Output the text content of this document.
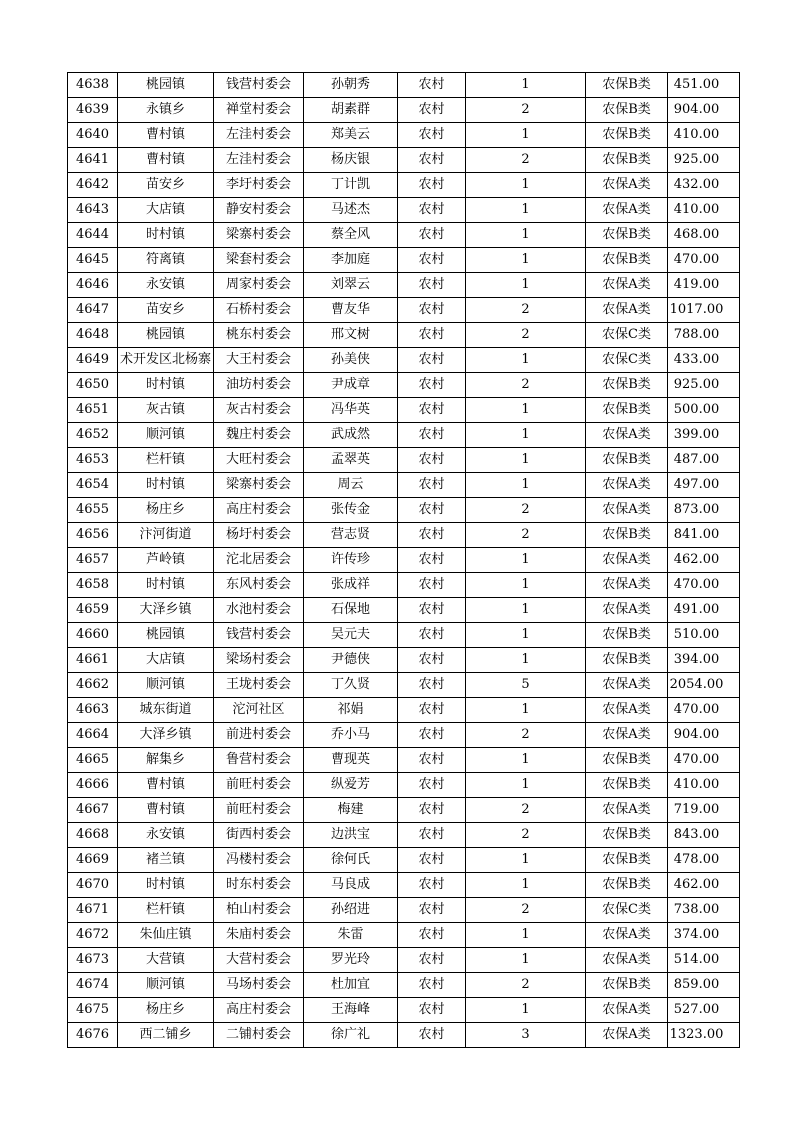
4638	桃园镇	钱营村委会	孙朝秀	农村	1	农保B类	451.00
4639	永镇乡	禅堂村委会	胡素群	农村	2	农保B类	904.00
4640	曹村镇	左洼村委会	郑美云	农村	1	农保B类	410.00
4641	曹村镇	左洼村委会	杨庆银	农村	2	农保B类	925.00
4642	苗安乡	李圩村委会	丁计凯	农村	1	农保A类	432.00
4643	大店镇	静安村委会	马述杰	农村	1	农保A类	410.00
4644	时村镇	梁寨村委会	蔡全风	农村	1	农保B类	468.00
4645	符离镇	梁套村委会	李加庭	农村	1	农保B类	470.00
4646	永安镇	周家村委会	刘翠云	农村	1	农保A类	419.00
4647	苗安乡	石桥村委会	曹友华	农村	2	农保A类	1017.00
4648	桃园镇	桃东村委会	邢文树	农村	2	农保C类	788.00
4649	术开发区北杨寨	大王村委会	孙美侠	农村	1	农保C类	433.00
4650	时村镇	油坊村委会	尹成章	农村	2	农保B类	925.00
4651	灰古镇	灰古村委会	冯华英	农村	1	农保B类	500.00
4652	顺河镇	魏庄村委会	武成然	农村	1	农保A类	399.00
4653	栏杆镇	大旺村委会	孟翠英	农村	1	农保B类	487.00
4654	时村镇	梁寨村委会	周云	农村	1	农保A类	497.00
4655	杨庄乡	高庄村委会	张传金	农村	2	农保A类	873.00
4656	汴河街道	杨圩村委会	营志贤	农村	2	农保B类	841.00
4657	芦岭镇	沱北居委会	许传珍	农村	1	农保A类	462.00
4658	时村镇	东风村委会	张成祥	农村	1	农保A类	470.00
4659	大泽乡镇	水池村委会	石保地	农村	1	农保A类	491.00
4660	桃园镇	钱营村委会	吴元夫	农村	1	农保B类	510.00
4661	大店镇	梁场村委会	尹德侠	农村	1	农保B类	394.00
4662	顺河镇	王垅村委会	丁久贤	农村	5	农保A类	2054.00
4663	城东街道	沱河社区	祁娟	农村	1	农保A类	470.00
4664	大泽乡镇	前进村委会	乔小马	农村	2	农保A类	904.00
4665	解集乡	鲁营村委会	曹现英	农村	1	农保B类	470.00
4666	曹村镇	前旺村委会	纵爱芳	农村	1	农保B类	410.00
4667	曹村镇	前旺村委会	梅建	农村	2	农保A类	719.00
4668	永安镇	街西村委会	边洪宝	农村	2	农保B类	843.00
4669	褚兰镇	冯楼村委会	徐何氏	农村	1	农保B类	478.00
4670	时村镇	时东村委会	马良成	农村	1	农保B类	462.00
4671	栏杆镇	柏山村委会	孙绍进	农村	2	农保C类	738.00
4672	朱仙庄镇	朱庙村委会	朱雷	农村	1	农保A类	374.00
4673	大营镇	大营村委会	罗光玲	农村	1	农保A类	514.00
4674	顺河镇	马场村委会	杜加宜	农村	2	农保B类	859.00
4675	杨庄乡	高庄村委会	王海峰	农村	1	农保A类	527.00
4676	西二铺乡	二铺村委会	徐广礼	农村	3	农保A类	1323.00
